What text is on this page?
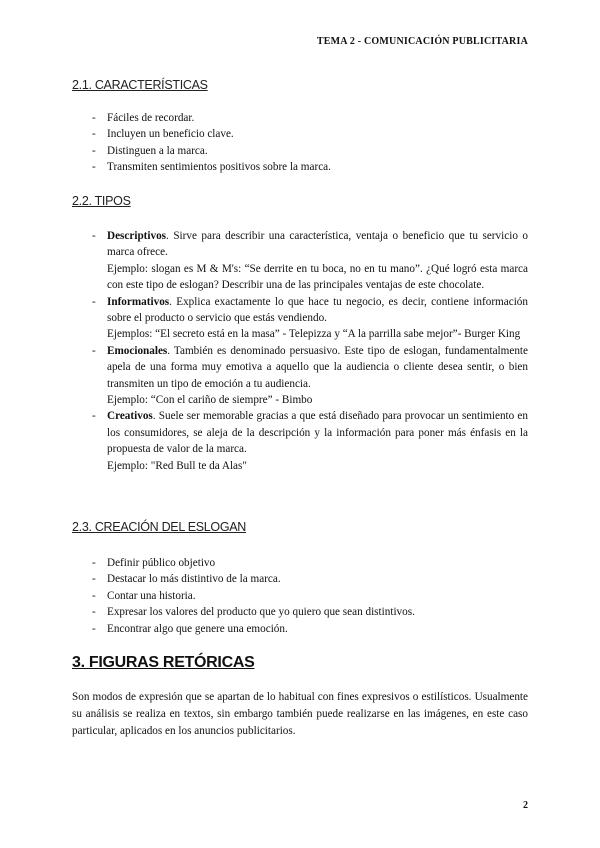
TEMA 2 - COMUNICACIÓN PUBLICITARIA
2.1. CARACTERÍSTICAS
- Fáciles de recordar.
- Incluyen un beneficio clave.
- Distinguen a la marca.
- Transmiten sentimientos positivos sobre la marca.
2.2. TIPOS
- Descriptivos. Sirve para describir una característica, ventaja o beneficio que tu servicio o marca ofrece.
Ejemplo: slogan es M & M's: “Se derrite en tu boca, no en tu mano”. ¿Qué logró esta marca con este tipo de eslogan? Describir una de las principales ventajas de este chocolate.
- Informativos. Explica exactamente lo que hace tu negocio, es decir, contiene información sobre el producto o servicio que estás vendiendo.
Ejemplos: “El secreto está en la masa” - Telepizza y “A la parrilla sabe mejor”- Burger King
- Emocionales. También es denominado persuasivo. Este tipo de eslogan, fundamentalmente apela de una forma muy emotiva a aquello que la audiencia o cliente desea sentir, o bien transmiten un tipo de emoción a tu audiencia.
Ejemplo: “Con el cariño de siempre” - Bimbo
- Creativos. Suele ser memorable gracias a que está diseñado para provocar un sentimiento en los consumidores, se aleja de la descripción y la información para poner más énfasis en la propuesta de valor de la marca.
Ejemplo: "Red Bull te da Alas"
2.3. CREACIÓN DEL ESLOGAN
- Definir público objetivo
- Destacar lo más distintivo de la marca.
- Contar una historia.
- Expresar los valores del producto que yo quiero que sean distintivos.
- Encontrar algo que genere una emoción.
3. FIGURAS RETÓRICAS

Son modos de expresión que se apartan de lo habitual con fines expresivos o estilísticos. Usualmente su análisis se realiza en textos, sin embargo también puede realizarse en las imágenes, en este caso particular, aplicados en los anuncios publicitarios.

2
